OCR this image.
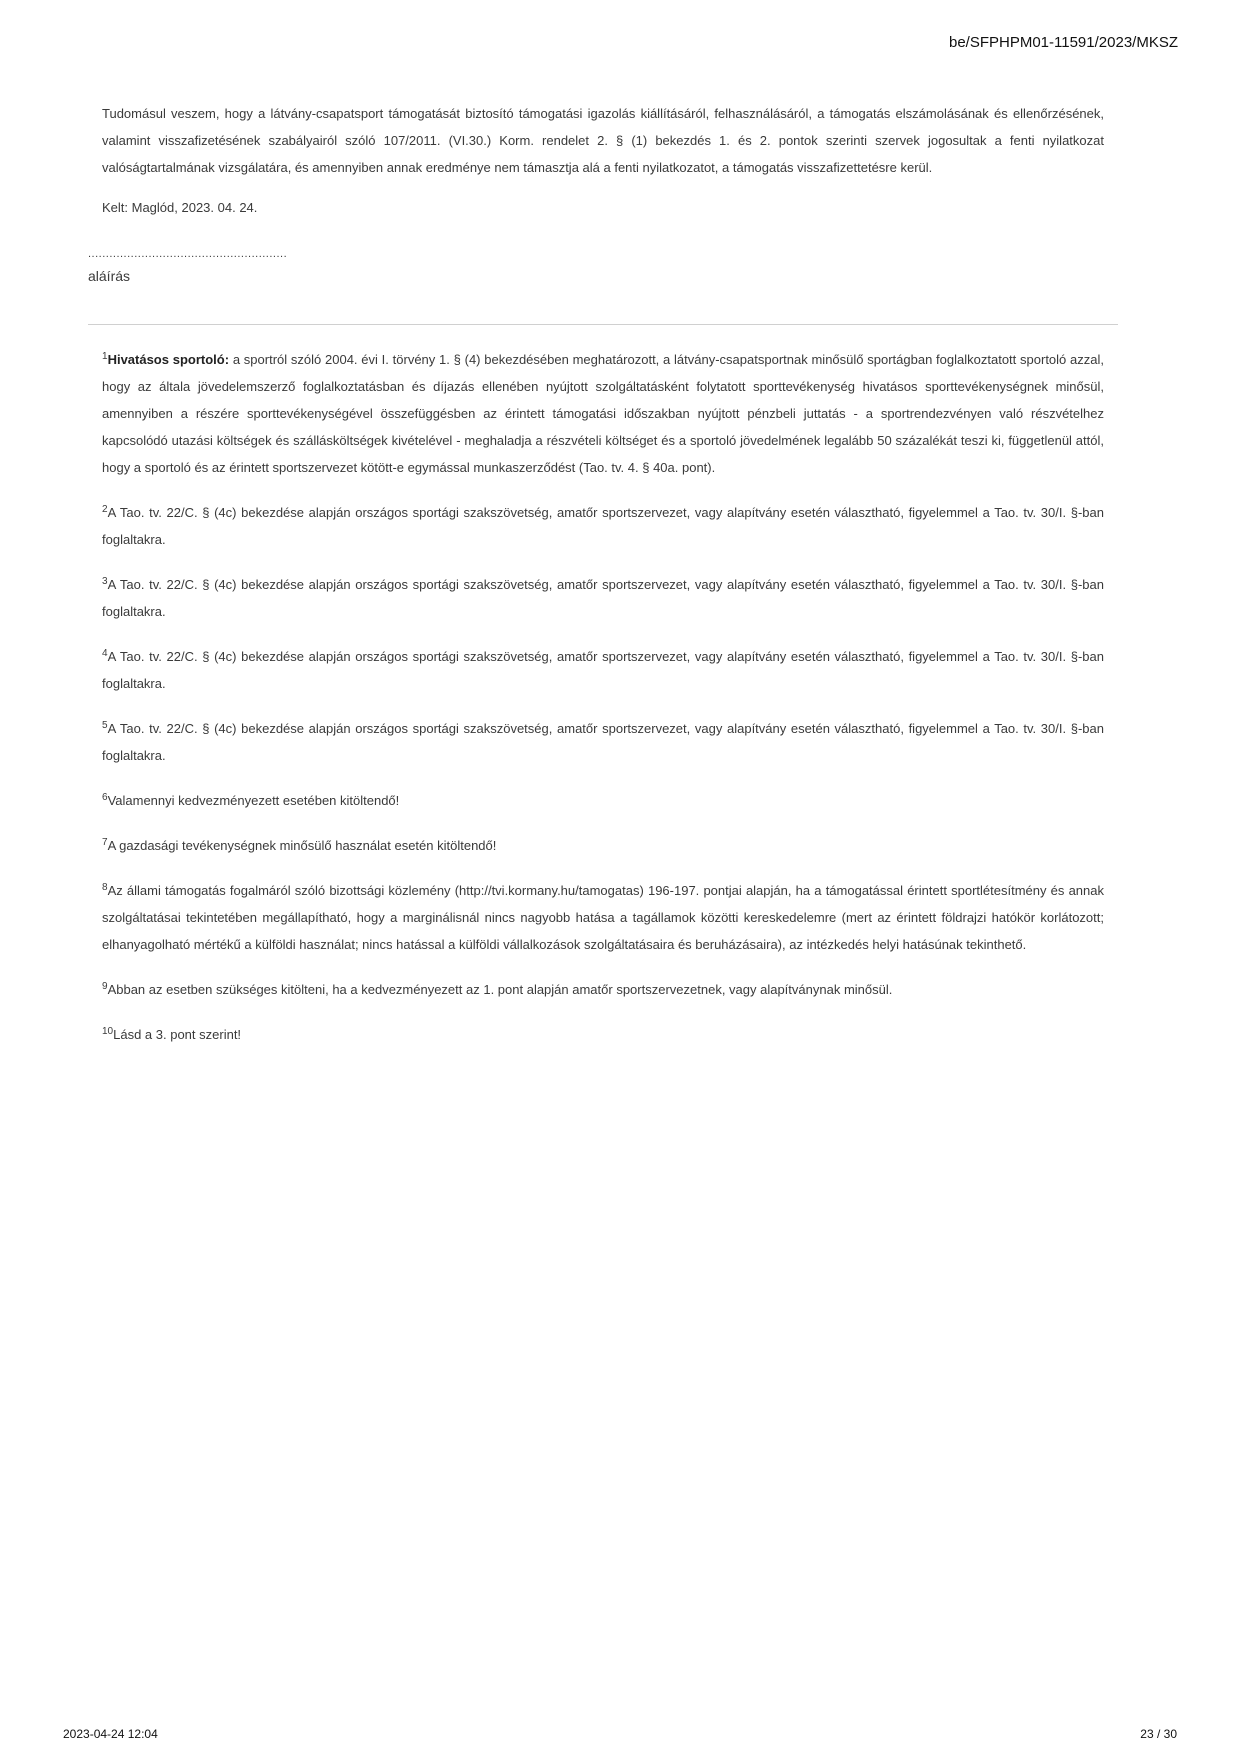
be/SFPHPM01-11591/2023/MKSZ

Tudomásul veszem, hogy a látvány-csapatsport támogatását biztosító támogatási igazolás kiállításáról, felhasználásáról, a támogatás elszámolásának és ellenőrzésének, valamint visszafizetésének szabályairól szóló 107/2011. (VI.30.) Korm. rendelet 2. § (1) bekezdés 1. és 2. pontok szerinti szervek jogosultak a fenti nyilatkozat valóságtartalmának vizsgálatára, és amennyiben annak eredménye nem támasztja alá a fenti nyilatkozatot, a támogatás visszafizettetésre kerül.

Kelt: Maglód, 2023. 04. 24.

........................................................
aláírás

$^1$Hivatásos sportoló: a sportról szóló 2004. évi I. törvény 1. § (4) bekezdésében meghatározott, a látvány-csapatsportnak minősülő sportágban foglalkoztatott sportoló azzal, hogy az általa jövedelemszerző foglalkoztatásban és díjazás ellenében nyújtott szolgáltatásként folytatott sporttevékenység hivatásos sporttevékenységnek minősül, amennyiben a részére sporttevékenységével összefüggésben az érintett támogatási időszakban nyújtott pénzbeli juttatás - a sportrendezvényen való részvételhez kapcsolódó utazási költségek és szállásköltségek kivételével - meghaladja a részvételi költséget és a sportoló jövedelmének legalább 50 százalékát teszi ki, függetlenül attól, hogy a sportoló és az érintett sportszervezet kötött-e egymással munkaszerződést (Tao. tv. 4. § 40a. pont).

$^2$A Tao. tv. 22/C. § (4c) bekezdése alapján országos sportági szakszövetség, amatőr sportszervezet, vagy alapítvány esetén választható, figyelemmel a Tao. tv. 30/I. §-ban foglaltakra.

$^3$A Tao. tv. 22/C. § (4c) bekezdése alapján országos sportági szakszövetség, amatőr sportszervezet, vagy alapítvány esetén választható, figyelemmel a Tao. tv. 30/I. §-ban foglaltakra.

$^4$A Tao. tv. 22/C. § (4c) bekezdése alapján országos sportági szakszövetség, amatőr sportszervezet, vagy alapítvány esetén választható, figyelemmel a Tao. tv. 30/I. §-ban foglaltakra.

$^5$A Tao. tv. 22/C. § (4c) bekezdése alapján országos sportági szakszövetség, amatőr sportszervezet, vagy alapítvány esetén választható, figyelemmel a Tao. tv. 30/I. §-ban foglaltakra.

$^6$Valamennyi kedvezményezett esetében kitöltendő!

$^7$A gazdasági tevékenységnek minősülő használat esetén kitöltendő!

$^8$Az állami támogatás fogalmáról szóló bizottsági közlemény (http://tvi.kormany.hu/tamogatas) 196-197. pontjai alapján, ha a támogatással érintett sportlétesítmény és annak szolgáltatásai tekintetében megállapítható, hogy a marginálisnál nincs nagyobb hatása a tagállamok közötti kereskedelemre (mert az érintett földrajzi hatókör korlátozott; elhanyagolható mértékű a külföldi használat; nincs hatással a külföldi vállalkozások szolgáltatásaira és beruházásaira), az intézkedés helyi hatásúnak tekinthető.

$^9$Abban az esetben szükséges kitölteni, ha a kedvezményezett az 1. pont alapján amatőr sportszervezetnek, vagy alapítványnak minősül.

$^{10}$Lásd a 3. pont szerint!

2023-04-24 12:04	23 / 30
